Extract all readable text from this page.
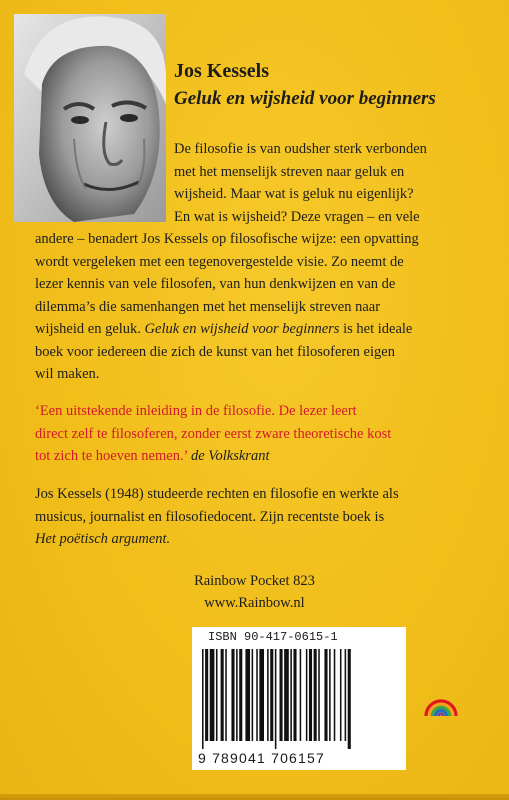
Jos Kessels
Geluk en wijsheid voor beginners

De filosofie is van oudsher sterk verbonden
met het menselijk streven naar geluk en
wijsheid. Maar wat is geluk nu eigenlijk?
En wat is wijsheid? Deze vragen – en vele

andere – benadert Jos Kessels op filosofische wijze: een opvatting
wordt vergeleken met een tegenovergestelde visie. Zo neemt de
lezer kennis van vele filosofen, van hun denkwijzen en van de
dilemma’s die samenhangen met het menselijk streven naar
wijsheid en geluk. Geluk en wijsheid voor beginners is het ideale
boek voor iedereen die zich de kunst van het filosoferen eigen
wil maken.

‘Een uitstekende inleiding in de filosofie. De lezer leert
direct zelf te filosoferen, zonder eerst zware theoretische kost
tot zich te hoeven nemen.’ de Volkskrant

Jos Kessels (1948) studeerde rechten en filosofie en werkte als
musicus, journalist en filosofiedocent. Zijn recentste boek is
Het poëtisch argument.

Rainbow Pocket 823

www.Rainbow.nl

ISBN 90-417-0615-1

9 789041 706157
